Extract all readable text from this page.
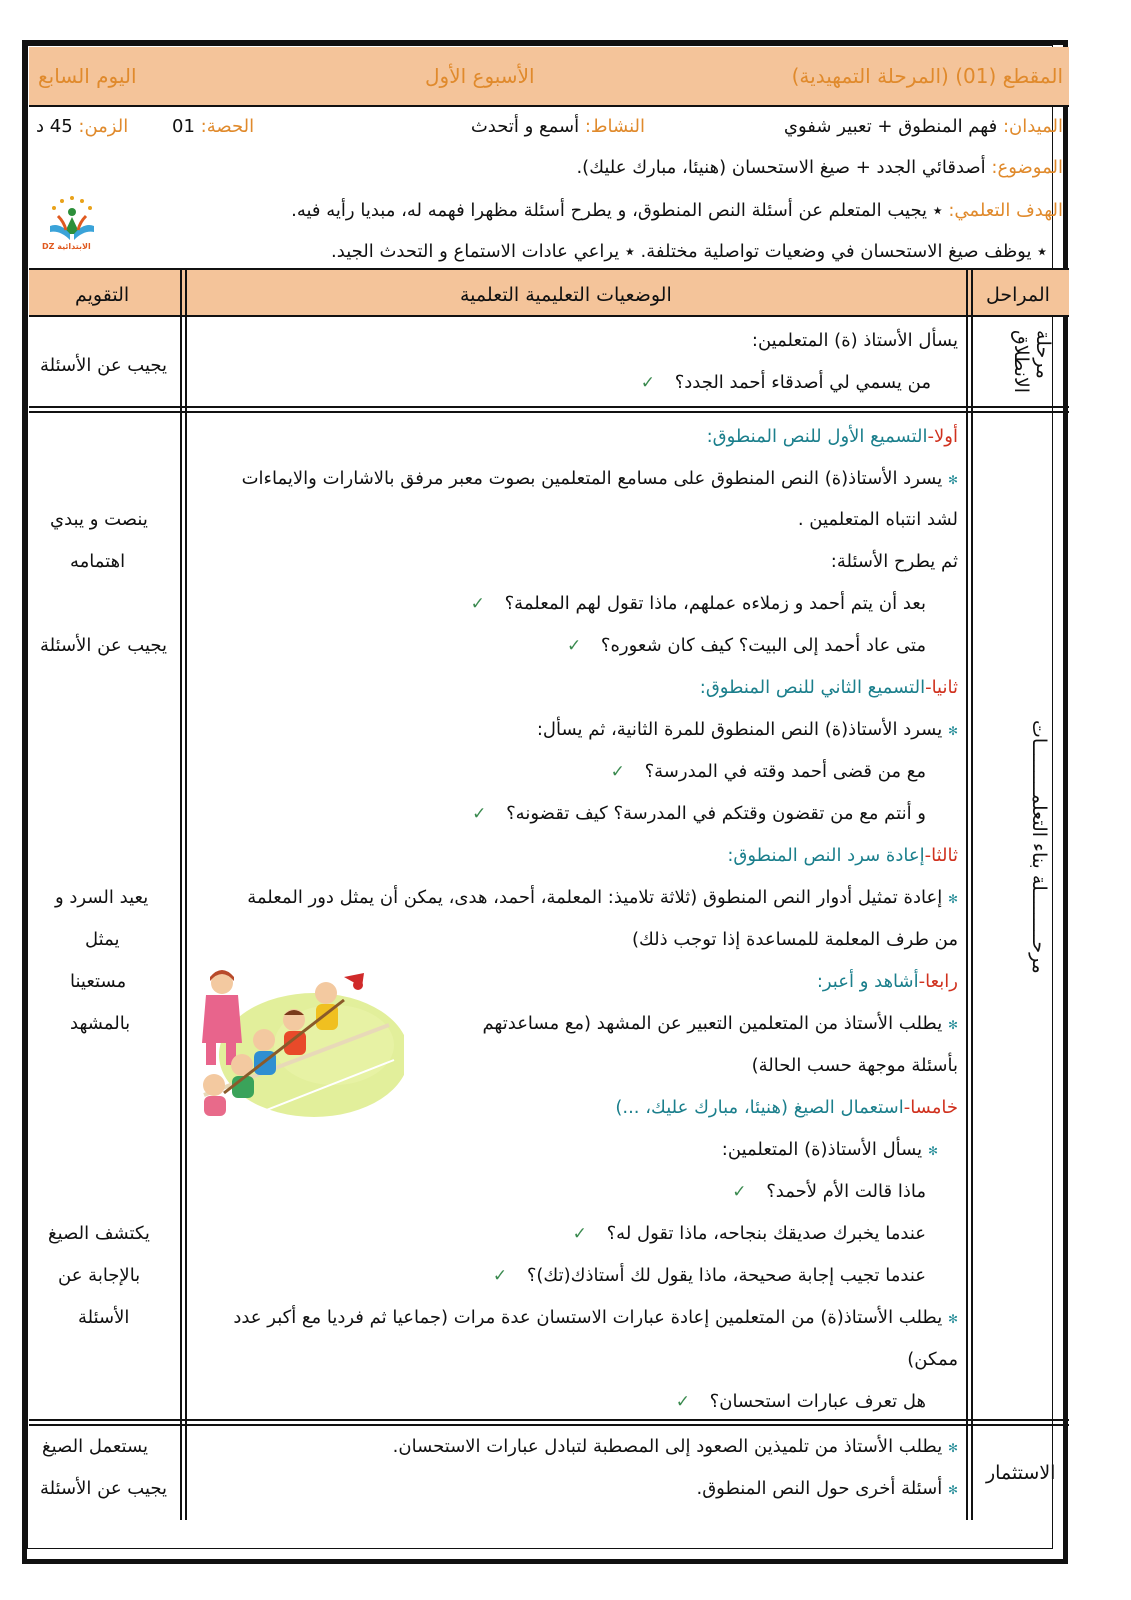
المقطع (01) (المرحلة التمهيدية)
الأسبوع الأول
اليوم السابع
الميدان: فهم المنطوق + تعبير شفوي
النشاط: أسمع و أتحدث
الحصة: 01
الزمن: 45 د
الموضوع: أصدقائي الجدد + صيغ الاستحسان (هنيئا، مبارك عليك).
الهدف التعلمي: ٭ يجيب المتعلم عن أسئلة النص المنطوق، و يطرح أسئلة مظهرا فهمه له، مبديا رأيه فيه.
٭ يوظف صيغ الاستحسان في وضعيات تواصلية مختلفة. ٭ يراعي عادات الاستماع و التحدث الجيد.
DZ الابتدائية
المراحل
الوضعيات التعليمية التعلمية
التقويم
مرحلة الانطلاق
يسأل الأستاذ (ة) المتعلمين:
من يسمي لي أصدقاء أحمد الجدد؟ ✓
يجيب عن الأسئلة
مرحـــــــــلة بناء التعلمـــــــــات
أولا-التسميع الأول للنص المنطوق:
✻ يسرد الأستاذ(ة) النص المنطوق على مسامع المتعلمين بصوت معبر مرفق بالاشارات والايماءات
لشد انتباه المتعلمين .
ثم يطرح الأسئلة:
بعد أن يتم أحمد و زملاءه عملهم، ماذا تقول لهم المعلمة؟ ✓
متى عاد أحمد إلى البيت؟ كيف كان شعوره؟ ✓
ثانيا-التسميع الثاني للنص المنطوق:
✻ يسرد الأستاذ(ة) النص المنطوق للمرة الثانية، ثم يسأل:
مع من قضى أحمد وقته في المدرسة؟ ✓
و أنتم مع من تقضون وقتكم في المدرسة؟ كيف تقضونه؟ ✓
ثالثا-إعادة سرد النص المنطوق:
✻ إعادة تمثيل أدوار النص المنطوق (ثلاثة تلاميذ: المعلمة، أحمد، هدى، يمكن أن يمثل دور المعلمة
من طرف المعلمة للمساعدة إذا توجب ذلك)
رابعا-أشاهد و أعبر:
✻ يطلب الأستاذ من المتعلمين التعبير عن المشهد (مع مساعدتهم
بأسئلة موجهة حسب الحالة)
خامسا-استعمال الصيغ (هنيئا، مبارك عليك، ...)
✻ يسأل الأستاذ(ة) المتعلمين:
ماذا قالت الأم لأحمد؟ ✓
عندما يخبرك صديقك بنجاحه، ماذا تقول له؟ ✓
عندما تجيب إجابة صحيحة، ماذا يقول لك أستاذك(تك)؟ ✓
✻ يطلب الأستاذ(ة) من المتعلمين إعادة عبارات الاستسان عدة مرات (جماعيا ثم فرديا مع أكبر عدد
ممكن)
هل تعرف عبارات استحسان؟ ✓
ينصت و يبدي
اهتمامه
يجيب عن الأسئلة
يعيد السرد و
يمثل
مستعينا
بالمشهد
يكتشف الصيغ
بالإجابة عن
الأسئلة
الاستثمار
✻ يطلب الأستاذ من تلميذين الصعود إلى المصطبة لتبادل عبارات الاستحسان.
✻ أسئلة أخرى حول النص المنطوق.
يستعمل الصيغ
يجيب عن الأسئلة
